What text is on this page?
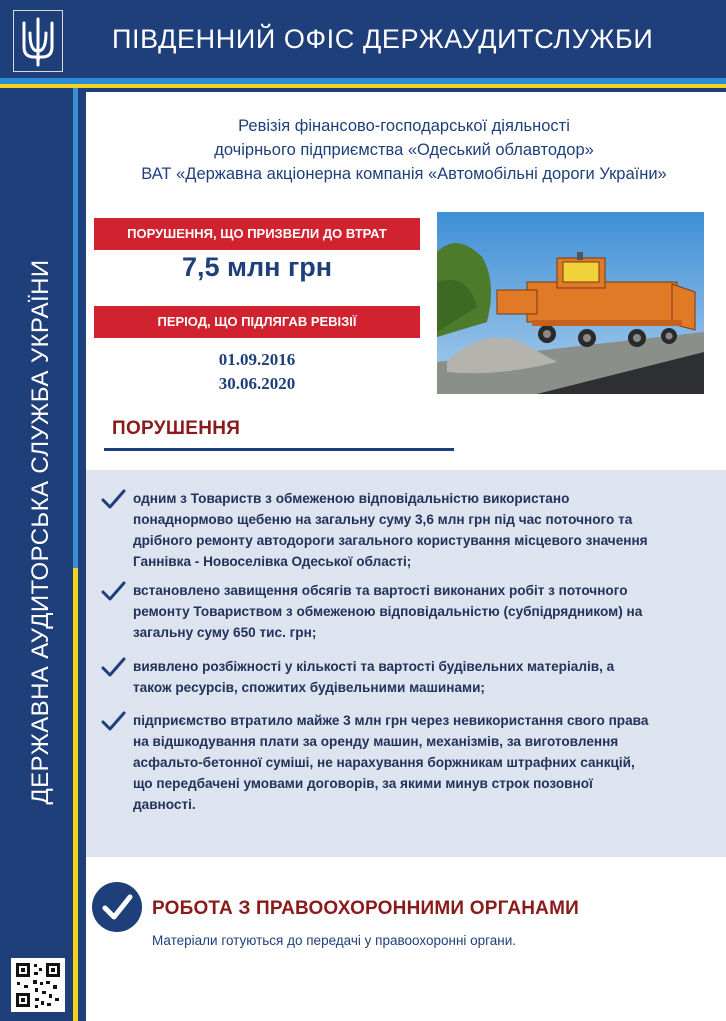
ПІВДЕННИЙ ОФІС ДЕРЖАУДИТСЛУЖБИ
ДЕРЖАВНА АУДИТОРСЬКА СЛУЖБА УКРАЇНИ
Ревізія фінансово-господарської діяльності
дочірнього підприємства «Одеський облавтодор»
ВАТ «Державна акціонерна компанія «Автомобільні дороги України»
ПОРУШЕННЯ, ЩО ПРИЗВЕЛИ ДО ВТРАТ
7,5 млн грн
ПЕРІОД, ЩО ПІДЛЯГАВ РЕВІЗІЇ
01.09.2016
30.06.2020
ПОРУШЕННЯ
одним з Товариств з обмеженою відповідальністю використано
понаднормово щебеню на загальну суму 3,6 млн грн під час поточного та
дрібного ремонту автодороги загального користування місцевого значення
Ганнівка - Новоселівка Одеської області;
встановлено завищення обсягів та вартості виконаних робіт з поточного
ремонту Товариством з обмеженою відповідальністю (субпідрядником) на
загальну суму 650 тис. грн;
виявлено розбіжності у кількості та вартості будівельних матеріалів, а
також ресурсів, спожитих будівельними машинами;
підприємство втратило майже 3 млн грн через невикористання свого права
на відшкодування плати за оренду машин, механізмів, за виготовлення
асфальто-бетонної суміші, не нарахування боржникам штрафних санкцій,
що передбачені умовами договорів, за якими минув строк позовної
давності.
РОБОТА З ПРАВООХОРОННИМИ ОРГАНАМИ
Матеріали готуються до передачі у правоохоронні органи.
